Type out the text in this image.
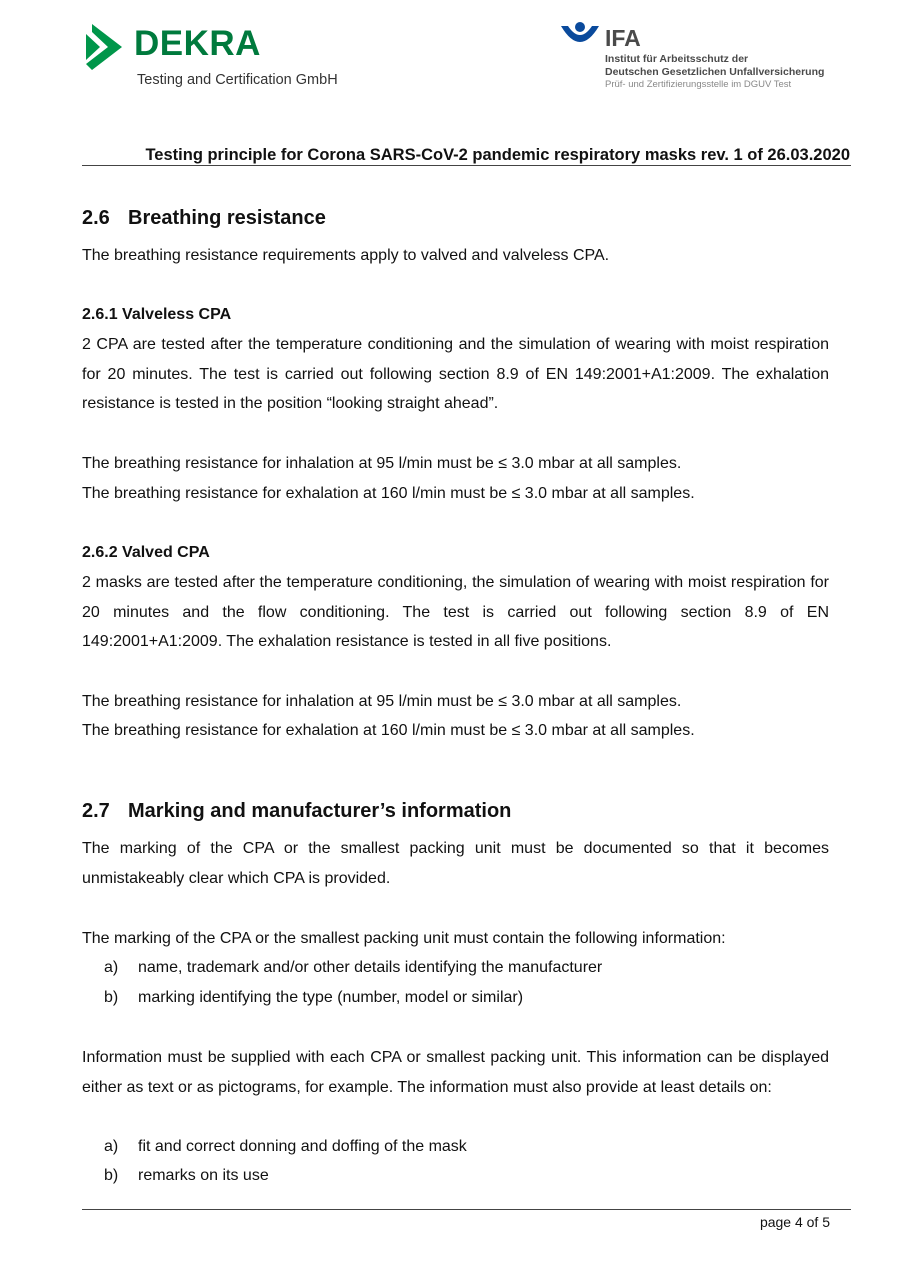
DEKRA
Testing and Certification GmbH
IFA
Institut für Arbeitsschutz der
Deutschen Gesetzlichen Unfallversicherung
Prüf- und Zertifizierungsstelle im DGUV Test
Testing principle for Corona SARS-CoV-2 pandemic respiratory masks rev. 1 of 26.03.2020
2.6 Breathing resistance
The breathing resistance requirements apply to valved and valveless CPA.
2.6.1 Valveless CPA
2 CPA are tested after the temperature conditioning and the simulation of wearing with moist respiration for 20 minutes. The test is carried out following section 8.9 of EN 149:2001+A1:2009. The exhalation resistance is tested in the position “looking straight ahead”.
The breathing resistance for inhalation at 95 l/min must be ≤ 3.0 mbar at all samples.
The breathing resistance for exhalation at 160 l/min must be ≤ 3.0 mbar at all samples.
2.6.2 Valved CPA
2 masks are tested after the temperature conditioning, the simulation of wearing with moist respiration for 20 minutes and the flow conditioning. The test is carried out following section 8.9 of EN 149:2001+A1:2009. The exhalation resistance is tested in all five positions.
The breathing resistance for inhalation at 95 l/min must be ≤ 3.0 mbar at all samples.
The breathing resistance for exhalation at 160 l/min must be ≤ 3.0 mbar at all samples.
2.7 Marking and manufacturer’s information
The marking of the CPA or the smallest packing unit must be documented so that it becomes unmistakeably clear which CPA is provided.
The marking of the CPA or the smallest packing unit must contain the following information:
a) name, trademark and/or other details identifying the manufacturer
b) marking identifying the type (number, model or similar)
Information must be supplied with each CPA or smallest packing unit. This information can be displayed either as text or as pictograms, for example. The information must also provide at least details on:
a) fit and correct donning and doffing of the mask
b) remarks on its use
page 4 of 5
